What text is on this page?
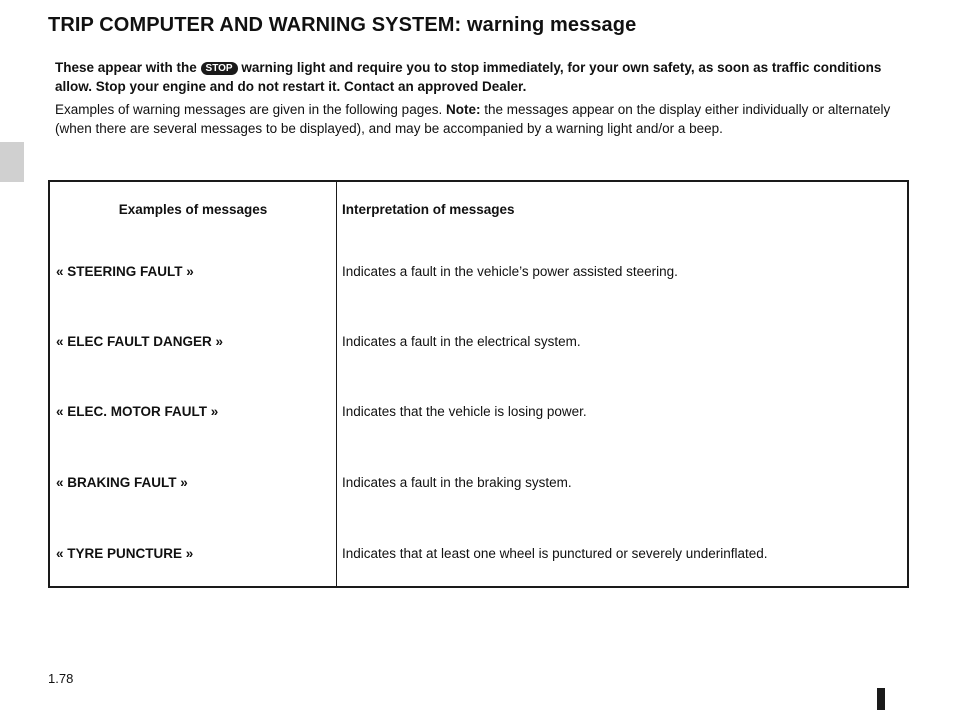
TRIP COMPUTER AND WARNING SYSTEM: warning message

These appear with the STOP warning light and require you to stop immediately, for your own safety, as soon as traffic conditions allow. Stop your engine and do not restart it. Contact an approved Dealer.

Examples of warning messages are given in the following pages. Note: the messages appear on the display either individually or alternately (when there are several messages to be displayed), and may be accompanied by a warning light and/or a beep.

Examples of messages	Interpretation of messages
« STEERING FAULT »	Indicates a fault in the vehicle’s power assisted steering.
« ELEC FAULT DANGER »	Indicates a fault in the electrical system.
« ELEC. MOTOR FAULT »	Indicates that the vehicle is losing power.
« BRAKING FAULT »	Indicates a fault in the braking system.
« TYRE PUNCTURE »	Indicates that at least one wheel is punctured or severely underinflated.

1.78
